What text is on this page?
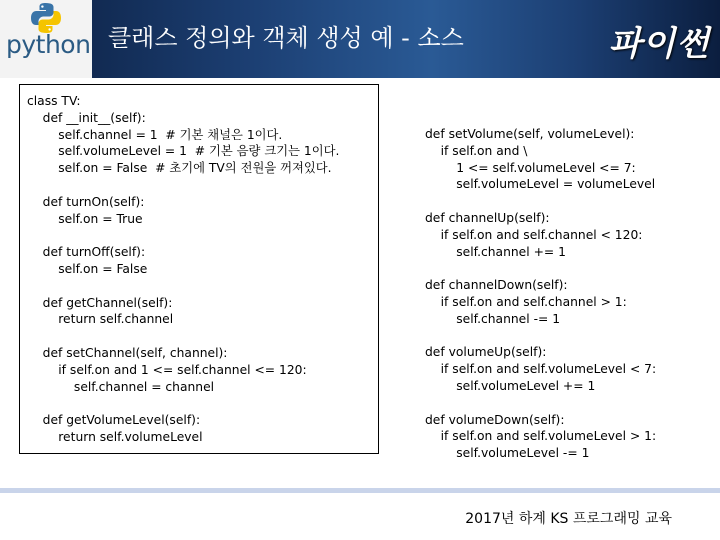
python 클래스 정의와 객체 생성 예 - 소스	파이썬
class TV:
def __init__(self):
self.channel = 1  # 기본 채널은 1이다.
self.volumeLevel = 1  # 기본 음량 크기는 1이다.
self.on = False  # 초기에 TV의 전원을 꺼져있다.

def turnOn(self):
self.on = True

def turnOff(self):
self.on = False

def getChannel(self):
return self.channel

def setChannel(self, channel):
if self.on and 1 <= self.channel <= 120:
self.channel = channel

def getVolumeLevel(self):
return self.volumeLevel
def setVolume(self, volumeLevel):
if self.on and \
1 <= self.volumeLevel <= 7:
self.volumeLevel = volumeLevel

def channelUp(self):
if self.on and self.channel < 120:
self.channel += 1

def channelDown(self):
if self.on and self.channel > 1:
self.channel -= 1

def volumeUp(self):
if self.on and self.volumeLevel < 7:
self.volumeLevel += 1

def volumeDown(self):
if self.on and self.volumeLevel > 1:
self.volumeLevel -= 1
2017년 하계 KS 프로그래밍 교육
